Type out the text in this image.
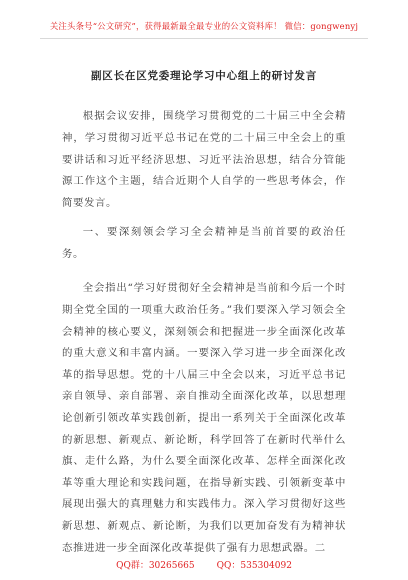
关注头条号“公文研究”，获得最新最全最专业的公文资料库！ 微信：gongwenyj
副区长在区党委理论学习中心组上的研讨发言

根据会议安排，围绕学习贯彻党的二十届三中全会精神，学习贯彻习近平总书记在党的二十届三中全会上的重要讲话和习近平经济思想、习近平法治思想，结合分管能源工作这个主题，结合近期个人自学的一些思考体会，作简要发言。

一、要深刻领会学习全会精神是当前首要的政治任务。

全会指出“学习好贯彻好全会精神是当前和今后一个时期全党全国的一项重大政治任务。”我们要深入学习领会全会精神的核心要义，深刻领会和把握进一步全面深化改革的重大意义和丰富内涵。一要深入学习进一步全面深化改革的指导思想。党的十八届三中全会以来，习近平总书记亲自领导、亲自部署、亲自推动全面深化改革，以思想理论创新引领改革实践创新，提出一系列关于全面深化改革的新思想、新观点、新论断，科学回答了在新时代举什么旗、走什么路，为什么要全面深化改革、怎样全面深化改革等重大理论和实践问题，在指导新实践、引领新变革中展现出强大的真理魅力和实践伟力。深入学习贯彻好这些新思想、新观点、新论断，为我们以更加奋发有为精神状态推进进一步全面深化改革提供了强有力思想武器。二

QQ群：30265665 QQ：535304092
